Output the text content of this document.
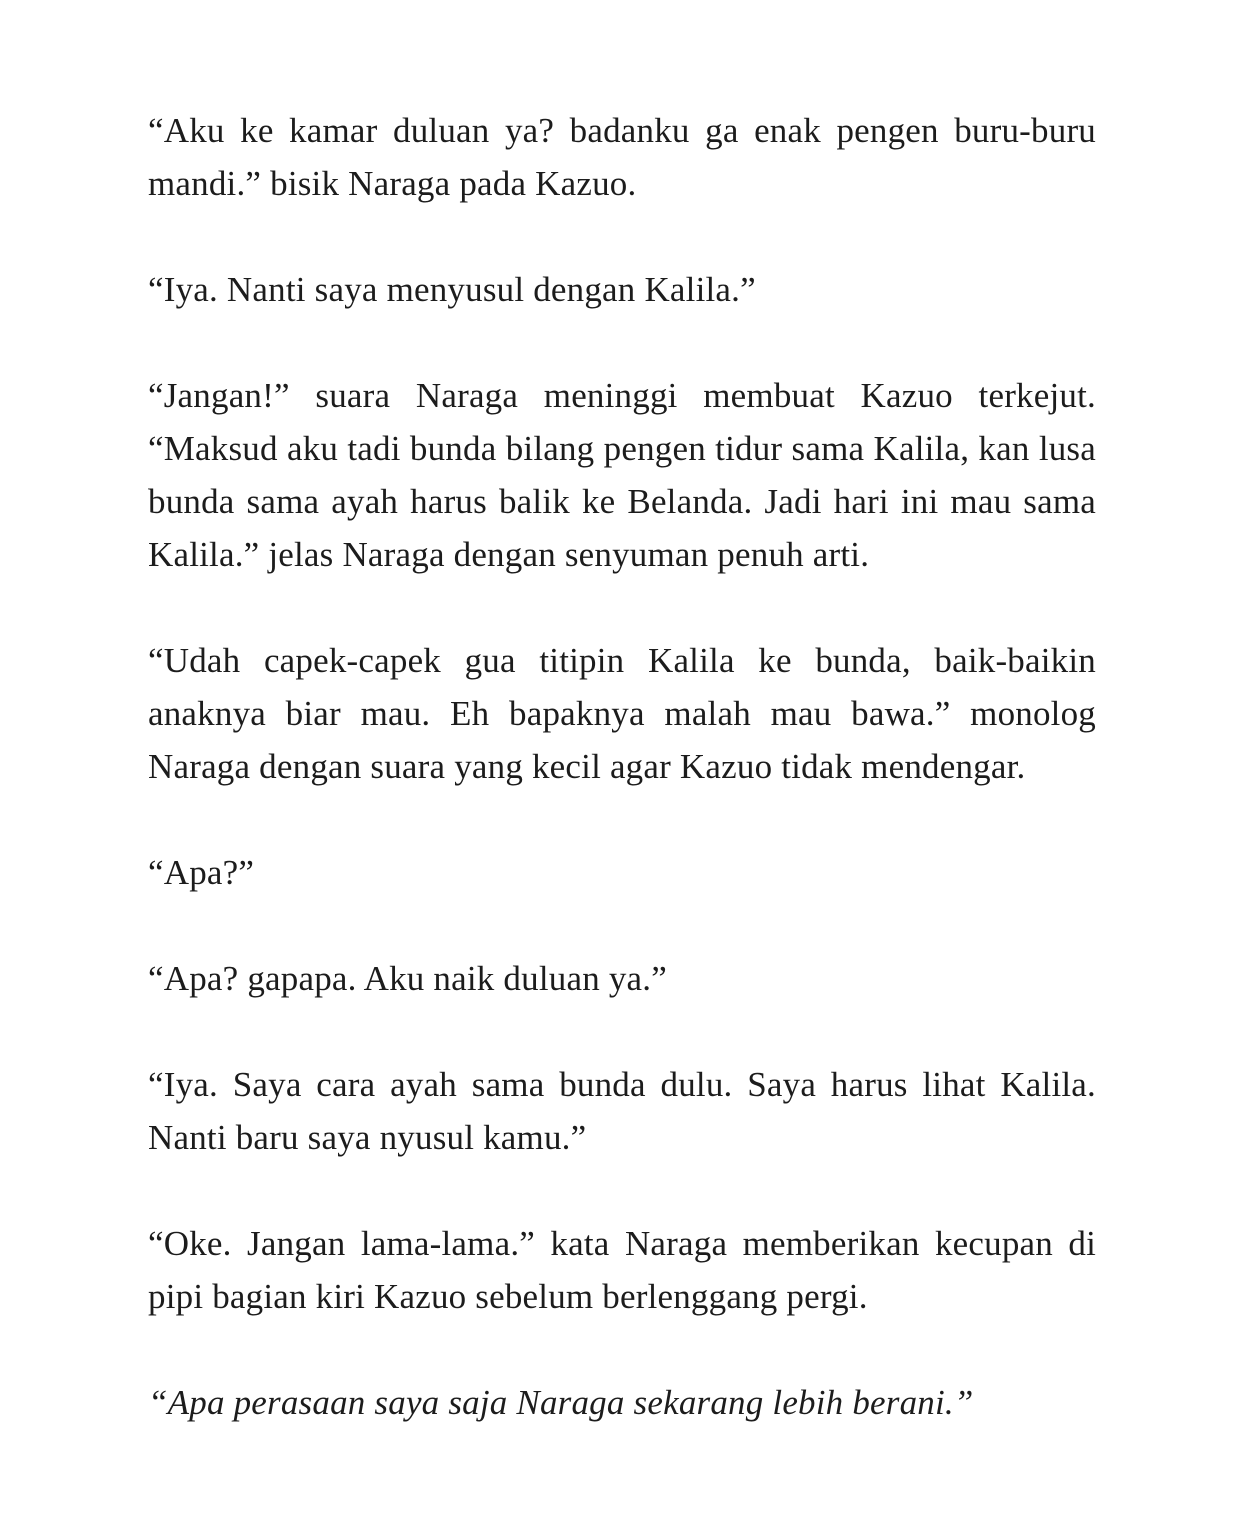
“Aku ke kamar duluan ya? badanku ga enak pengen buru-buru mandi.” bisik Naraga pada Kazuo.

“Iya. Nanti saya menyusul dengan Kalila.”

“Jangan!” suara Naraga meninggi membuat Kazuo terkejut. “Maksud aku tadi bunda bilang pengen tidur sama Kalila, kan lusa bunda sama ayah harus balik ke Belanda. Jadi hari ini mau sama Kalila.” jelas Naraga dengan senyuman penuh arti.

“Udah capek-capek gua titipin Kalila ke bunda, baik-baikin anaknya biar mau. Eh bapaknya malah mau bawa.” monolog Naraga dengan suara yang kecil agar Kazuo tidak mendengar.

“Apa?”

“Apa? gapapa. Aku naik duluan ya.”

“Iya. Saya cara ayah sama bunda dulu. Saya harus lihat Kalila. Nanti baru saya nyusul kamu.”

“Oke. Jangan lama-lama.” kata Naraga memberikan kecupan di pipi bagian kiri Kazuo sebelum berlenggang pergi.

“Apa perasaan saya saja Naraga sekarang lebih berani.”
